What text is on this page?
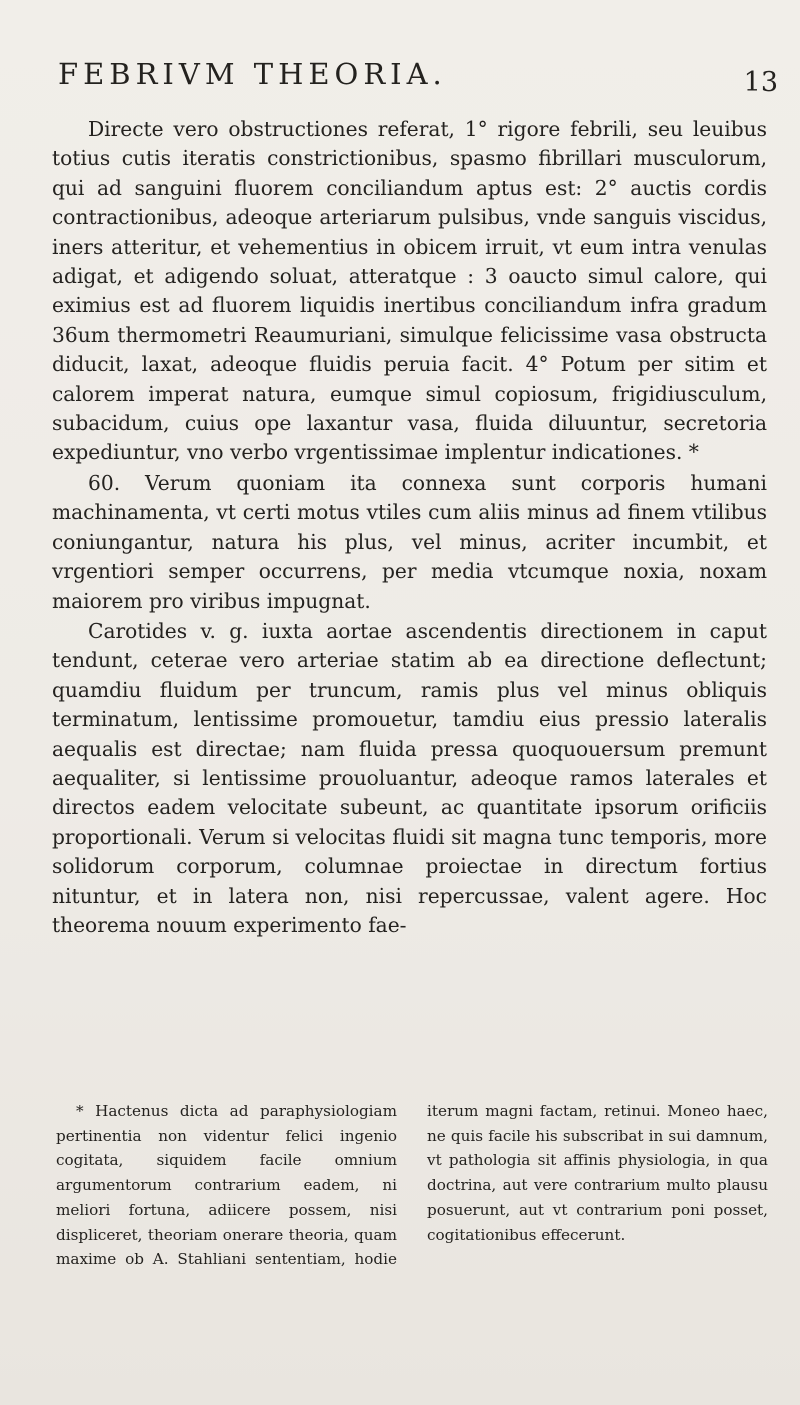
FEBRIVM THEORIA.	13

Directe vero obstructiones referat, 1° rigore febrili, seu leuibus totius cutis iteratis constrictionibus, spasmo fibrillari musculorum, qui ad sanguini fluorem conciliandum aptus est: 2° auctis cordis contractionibus, adeoque arteriarum pulsibus, vnde sanguis viscidus, iners atteritur, et vehementius in obicem irruit, vt eum intra venulas adigat, et adigendo soluat, atteratque : 3 oaucto simul calore, qui eximius est ad fluorem liquidis inertibus conciliandum infra gradum 36um thermometri Reaumuriani, simulque felicissime vasa obstructa diducit, laxat, adeoque fluidis peruia facit. 4° Potum per sitim et calorem imperat natura, eumque simul copiosum, frigidiusculum, subacidum, cuius ope laxantur vasa, fluida diluuntur, secretoria expediuntur, vno verbo vrgentissimae implentur indicationes. *

60. Verum quoniam ita connexa sunt corporis humani machinamenta, vt certi motus vtiles cum aliis minus ad finem vtilibus coniungantur, natura his plus, vel minus, acriter incumbit, et vrgentiori semper occurrens, per media vtcumque noxia, noxam maiorem pro viribus impugnat.

Carotides v. g. iuxta aortae ascendentis directionem in caput tendunt, ceterae vero arteriae statim ab ea directione deflectunt; quamdiu fluidum per truncum, ramis plus vel minus obliquis terminatum, lentissime promouetur, tamdiu eius pressio lateralis aequalis est directae; nam fluida pressa quoquouersum premunt aequaliter, si lentissime prouoluantur, adeoque ramos laterales et directos eadem velocitate subeunt, ac quantitate ipsorum orificiis proportionali. Verum si velocitas fluidi sit magna tunc temporis, more solidorum corporum, columnae proiectae in directum fortius nituntur, et in latera non, nisi repercussae, valent agere. Hoc theorema nouum experimento fae-

* Hactenus dicta ad paraphysiologiam pertinentia non videntur felici ingenio cogitata, siquidem facile omnium argumentorum contrarium eadem, ni meliori fortuna, adiicere possem, nisi displiceret, theoriam onerare theoria, quam maxime ob A. Stahliani sententiam, hodie iterum magni factam, retinui. Moneo haec, ne quis facile his subscribat in sui damnum, vt pathologia sit affinis physiologia, in qua doctrina, aut vere contrarium multo plausu posuerunt, aut vt contrarium poni posset, cogitationibus effecerunt.
